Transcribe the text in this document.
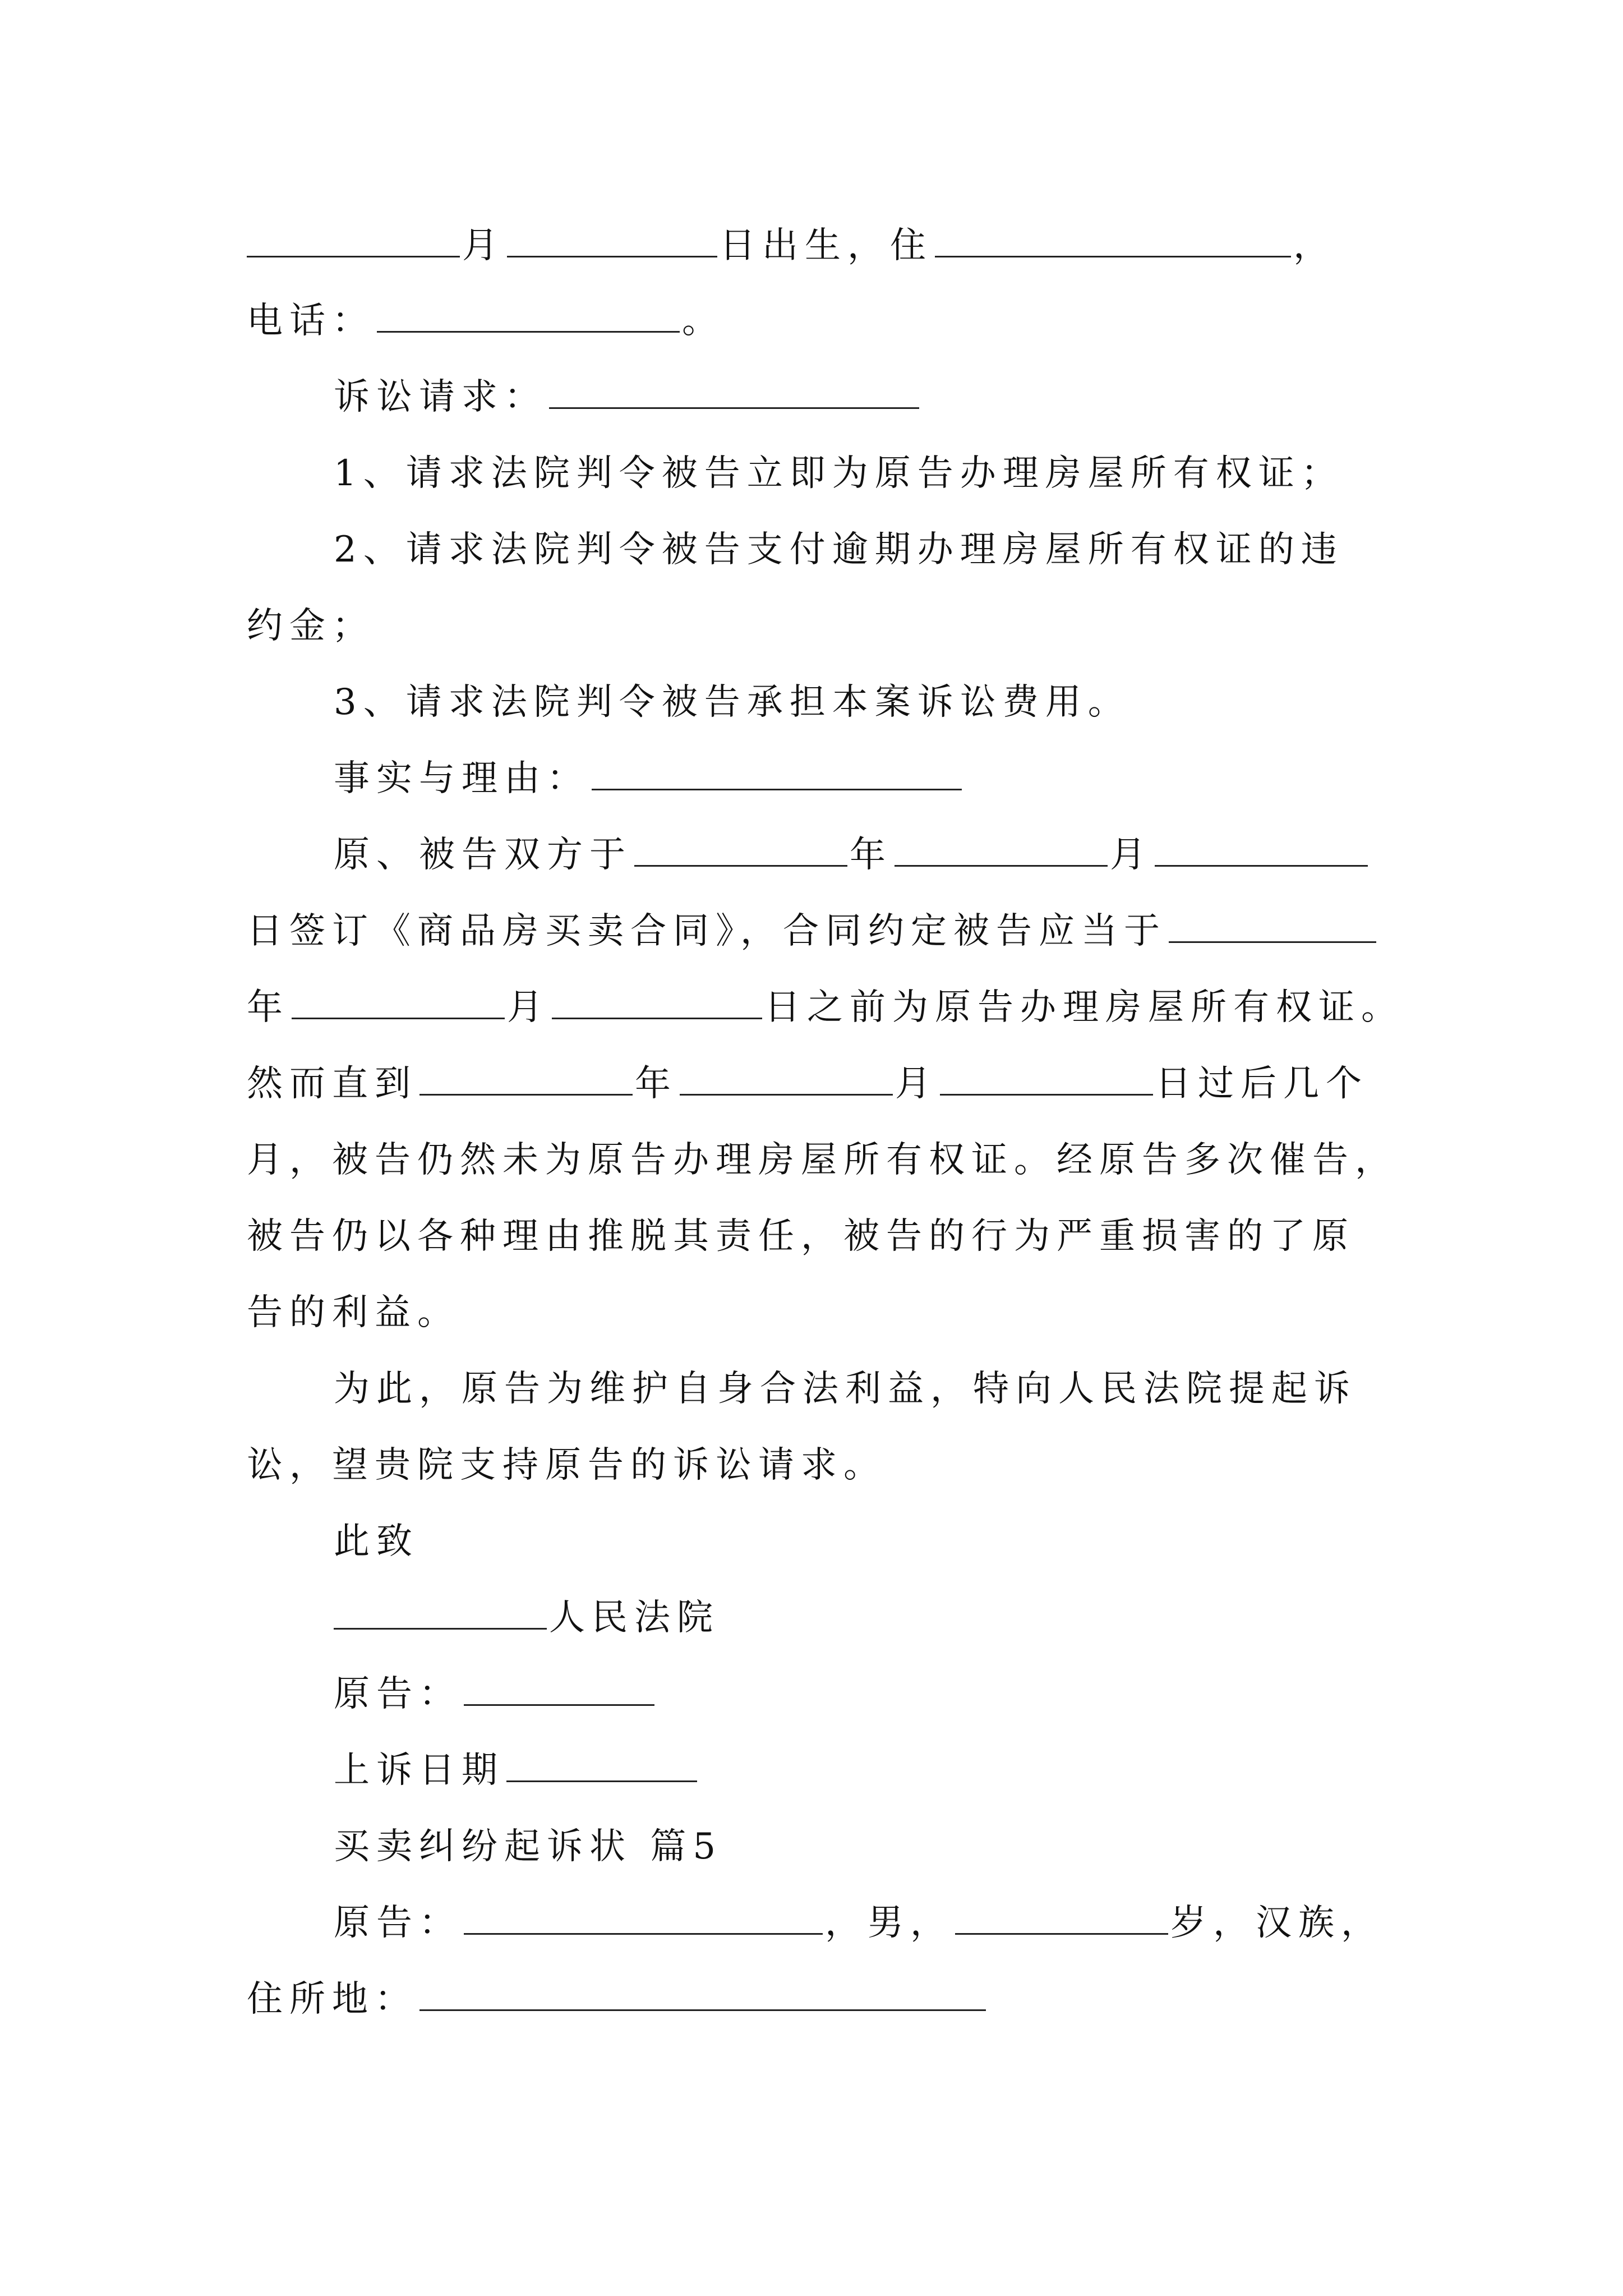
月	日出生，住	，
电话：	。
诉讼请求：
1、请求法院判令被告立即为原告办理房屋所有权证；
2、请求法院判令被告支付逾期办理房屋所有权证的违
约金；
3、请求法院判令被告承担本案诉讼费用。
事实与理由：
原、被告双方于	年	月
日签订《商品房买卖合同》，合同约定被告应当于
年	月	日之前为原告办理房屋所有权证。
然而直到	年	月	日过后几个
月，被告仍然未为原告办理房屋所有权证。经原告多次催告，
被告仍以各种理由推脱其责任，被告的行为严重损害的了原
告的利益。
为此，原告为维护自身合法利益，特向人民法院提起诉
讼，望贵院支持原告的诉讼请求。
此致
人民法院
原告：
上诉日期
买卖纠纷起诉状 篇5
原告：	，男，	岁，汉族，
住所地：
